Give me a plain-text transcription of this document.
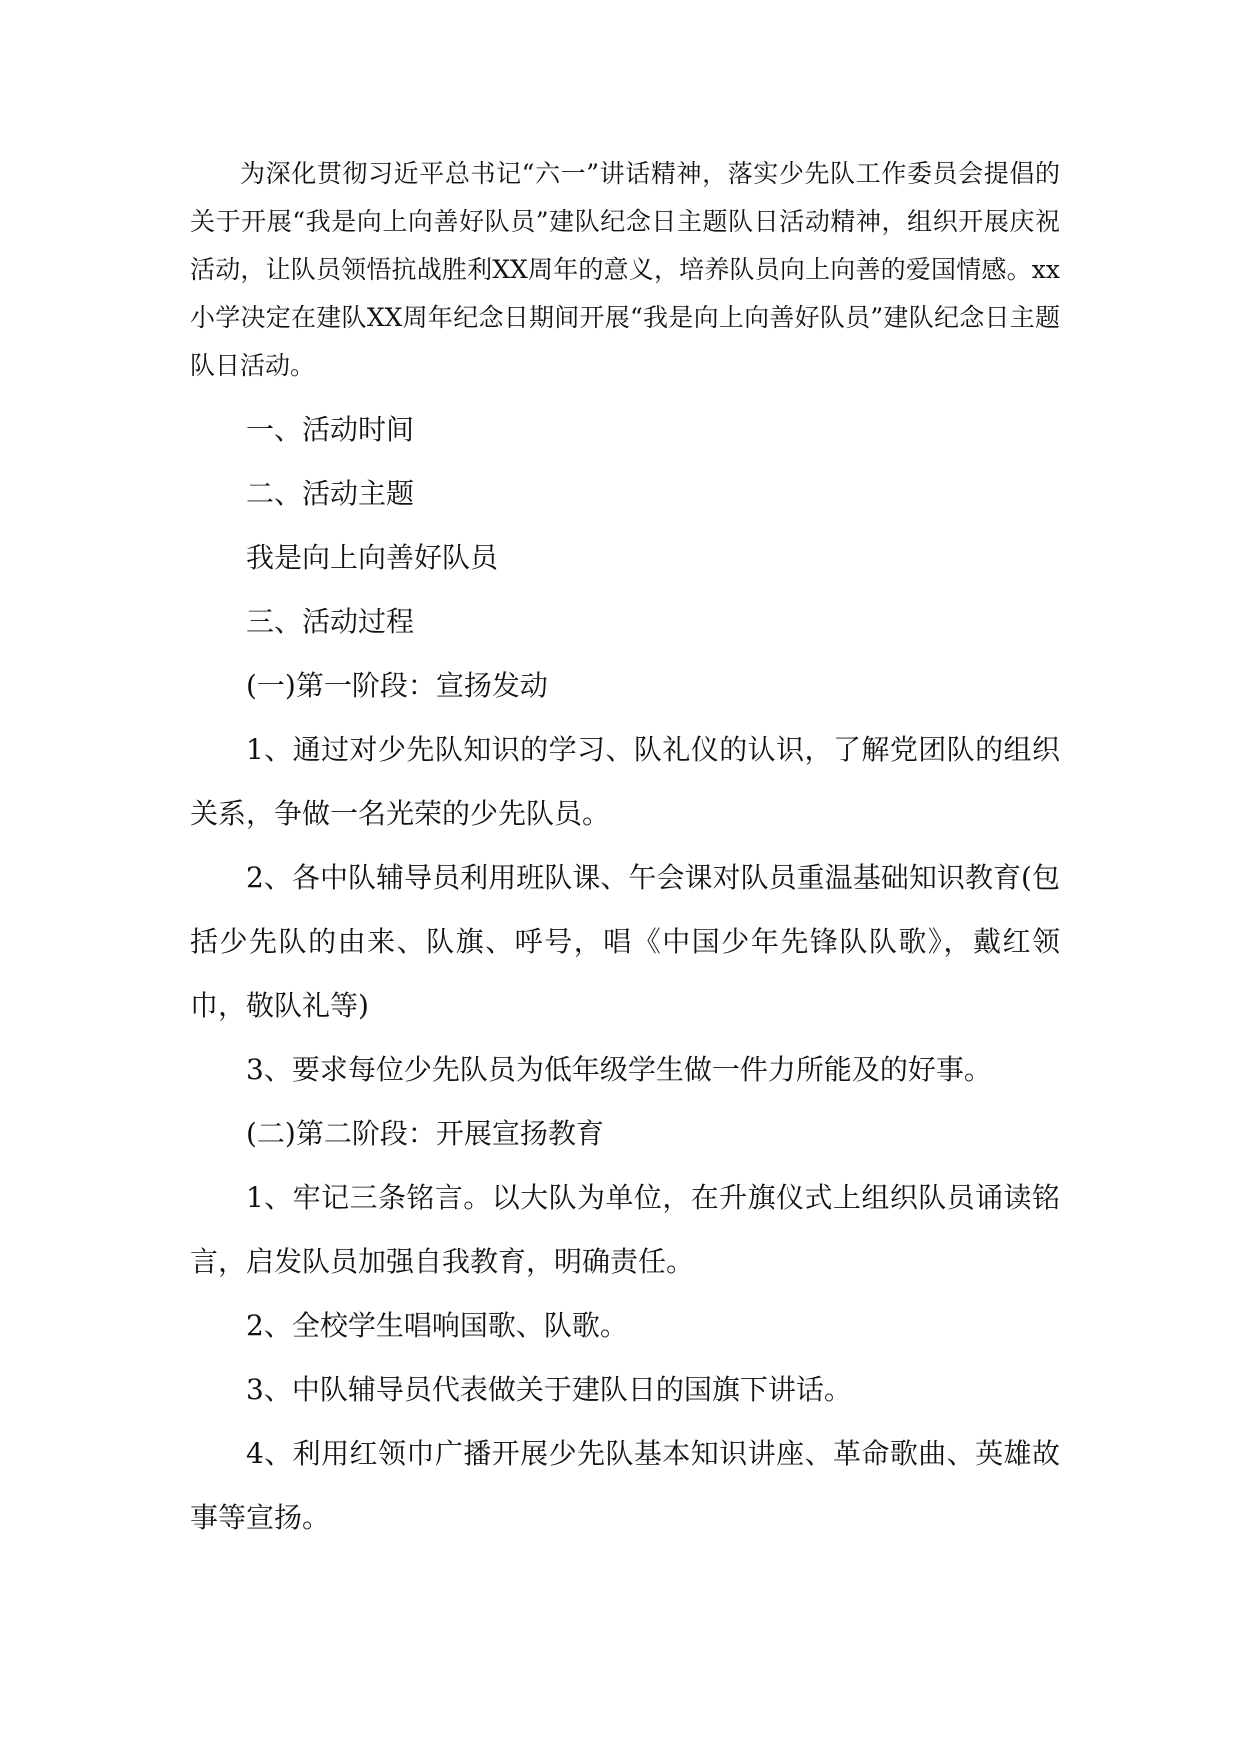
为深化贯彻习近平总书记“六一”讲话精神，落实少先队工作委员会提倡的关于开展“我是向上向善好队员”建队纪念日主题队日活动精神，组织开展庆祝活动，让队员领悟抗战胜利XX周年的意义，培养队员向上向善的爱国情感。xx小学决定在建队XX周年纪念日期间开展“我是向上向善好队员”建队纪念日主题队日活动。

一、活动时间

二、活动主题

我是向上向善好队员

三、活动过程

(一)第一阶段：宣扬发动

1、通过对少先队知识的学习、队礼仪的认识，了解党团队的组织关系，争做一名光荣的少先队员。

2、各中队辅导员利用班队课、午会课对队员重温基础知识教育(包括少先队的由来、队旗、呼号，唱《中国少年先锋队队歌》，戴红领巾，敬队礼等)

3、要求每位少先队员为低年级学生做一件力所能及的好事。

(二)第二阶段：开展宣扬教育

1、牢记三条铭言。以大队为单位，在升旗仪式上组织队员诵读铭言，启发队员加强自我教育，明确责任。

2、全校学生唱响国歌、队歌。

3、中队辅导员代表做关于建队日的国旗下讲话。

4、利用红领巾广播开展少先队基本知识讲座、革命歌曲、英雄故事等宣扬。
